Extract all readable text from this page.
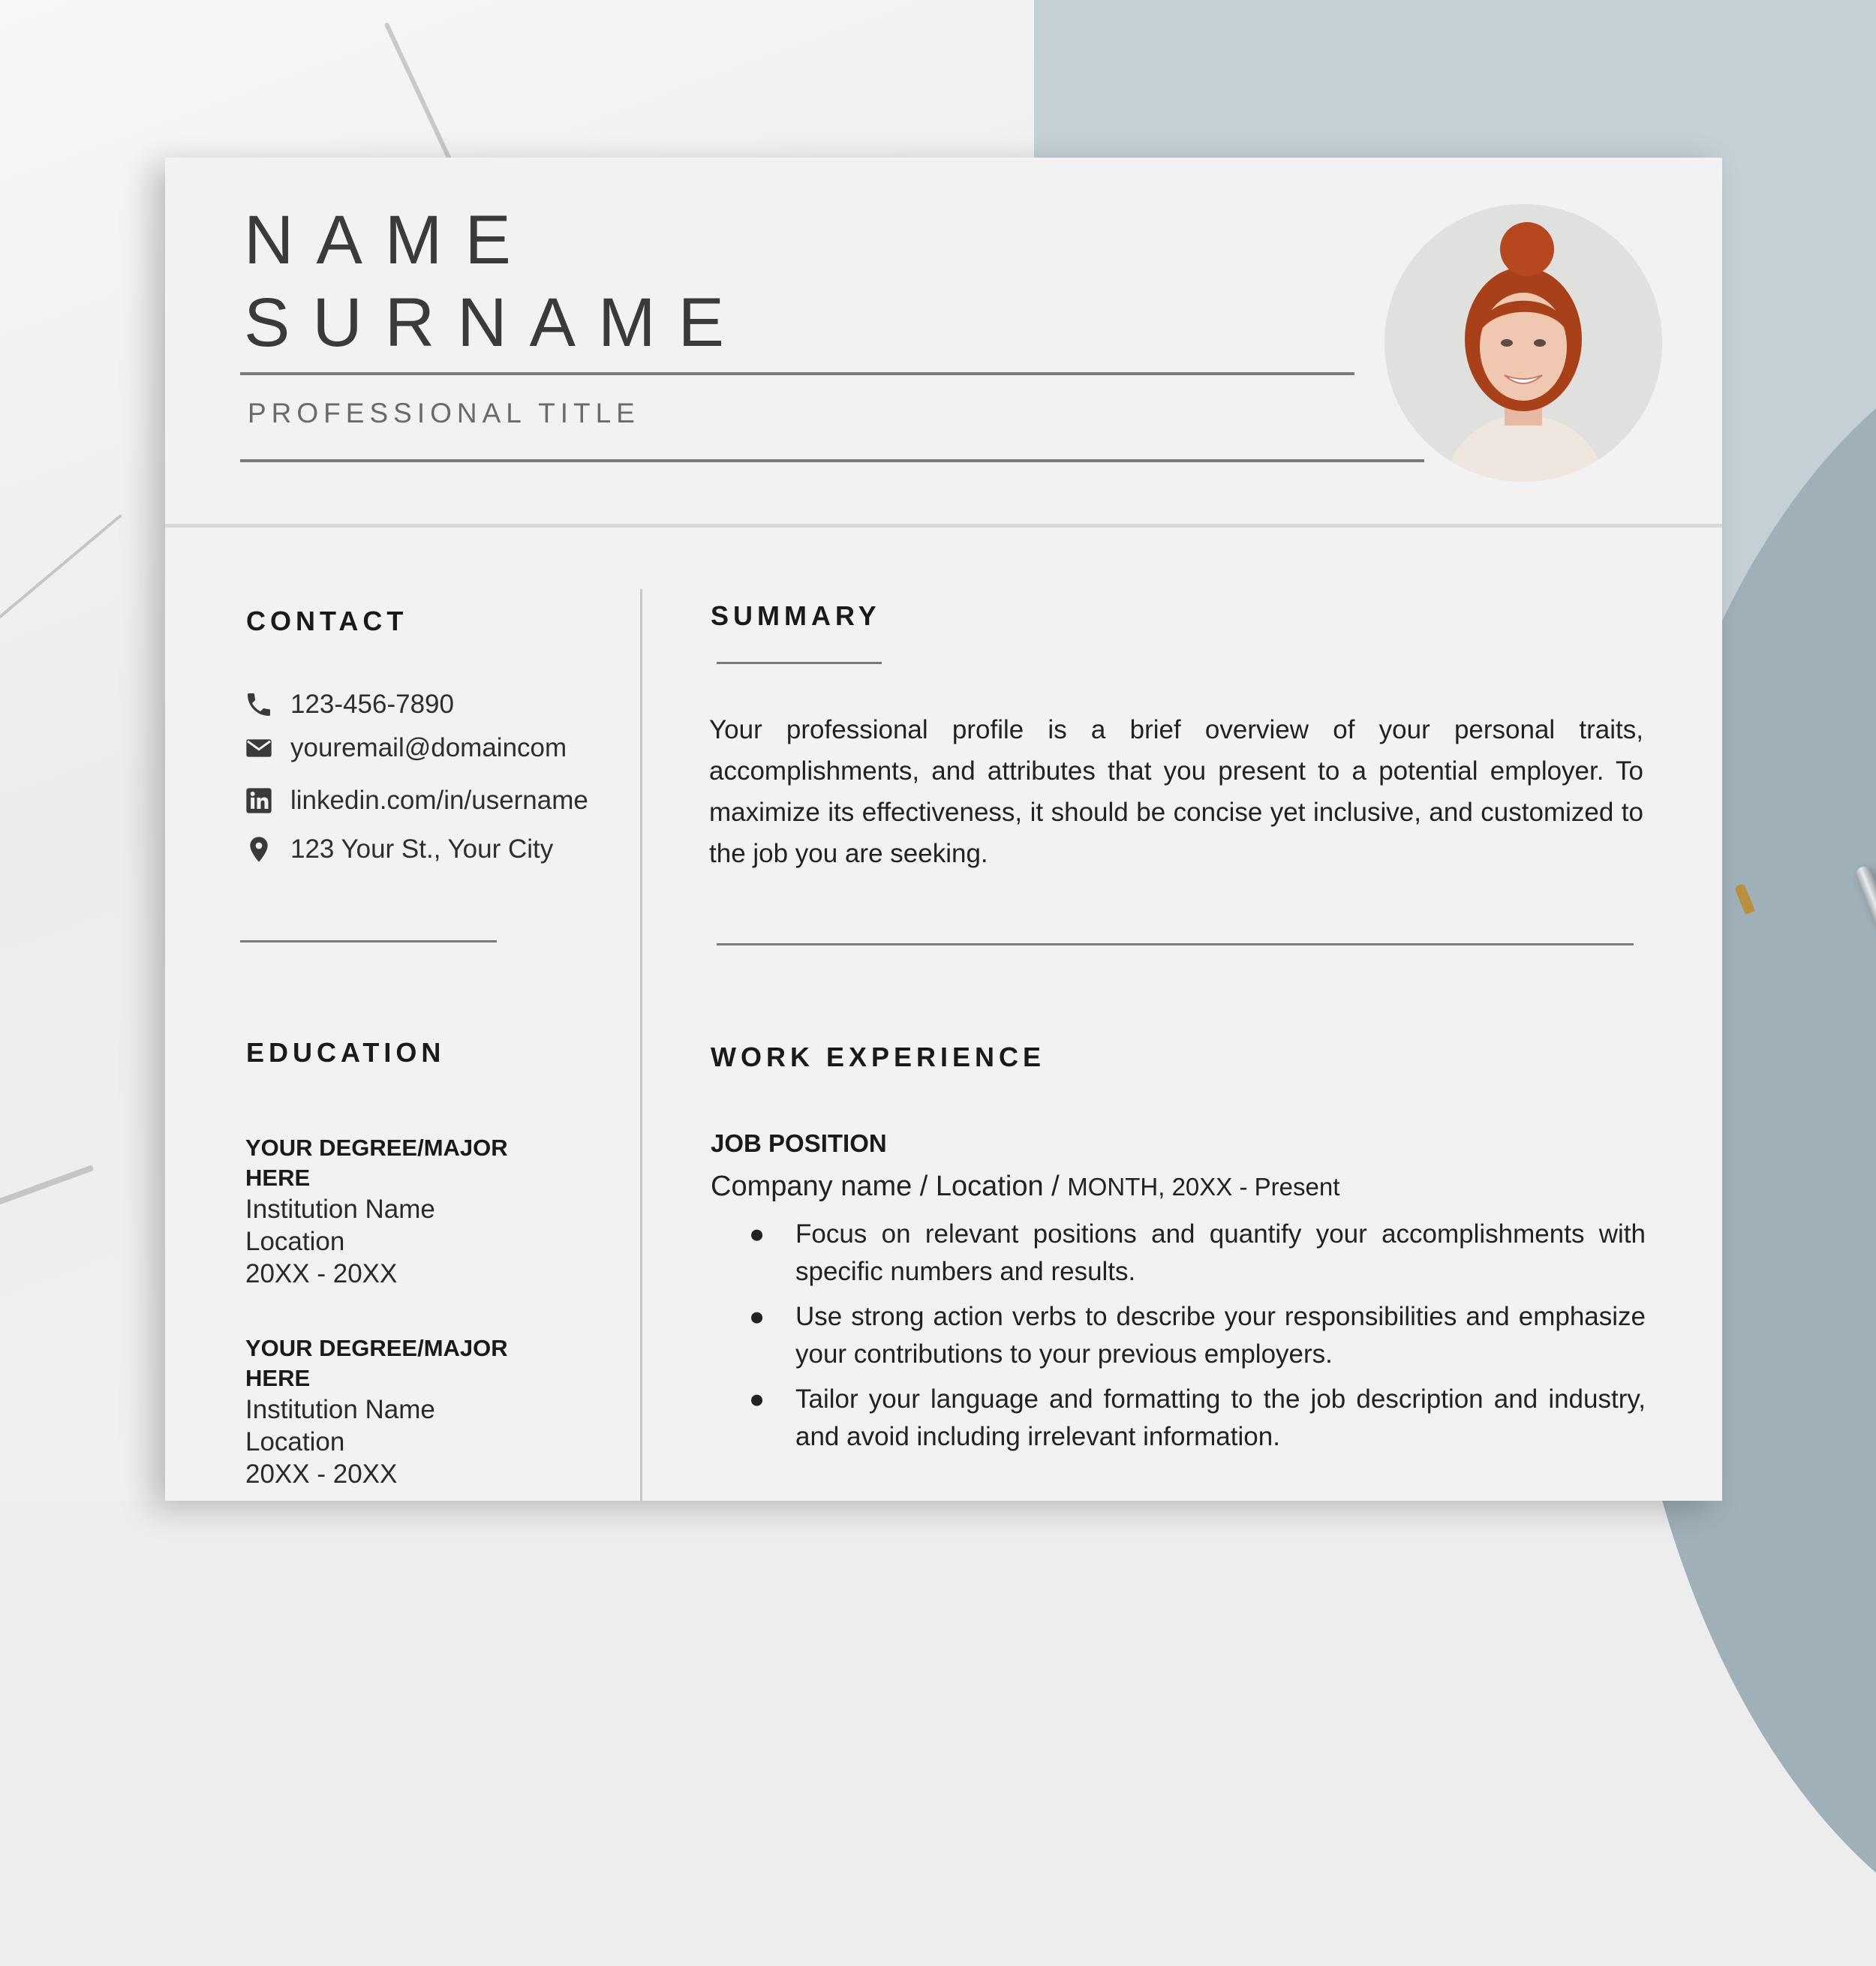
NAME
SURNAME
PROFESSIONAL TITLE
CONTACT
123-456-7890
youremail@domaincom
linkedin.com/in/username
123 Your St., Your City
EDUCATION
YOUR DEGREE/MAJOR HERE
Institution Name
Location
20XX - 20XX
YOUR DEGREE/MAJOR HERE
Institution Name
Location
20XX - 20XX
SUMMARY

Your professional profile is a brief overview of your personal traits, accomplishments, and attributes that you present to a potential employer. To maximize its effectiveness, it should be concise yet inclusive, and customized to the job you are seeking.

WORK EXPERIENCE
JOB POSITION
Company name / Location / MONTH, 20XX - Present
● Focus on relevant positions and quantify your accomplishments with specific numbers and results.
● Use strong action verbs to describe your responsibilities and emphasize your contributions to your previous employers.
● Tailor your language and formatting to the job description and industry, and avoid including irrelevant information.
